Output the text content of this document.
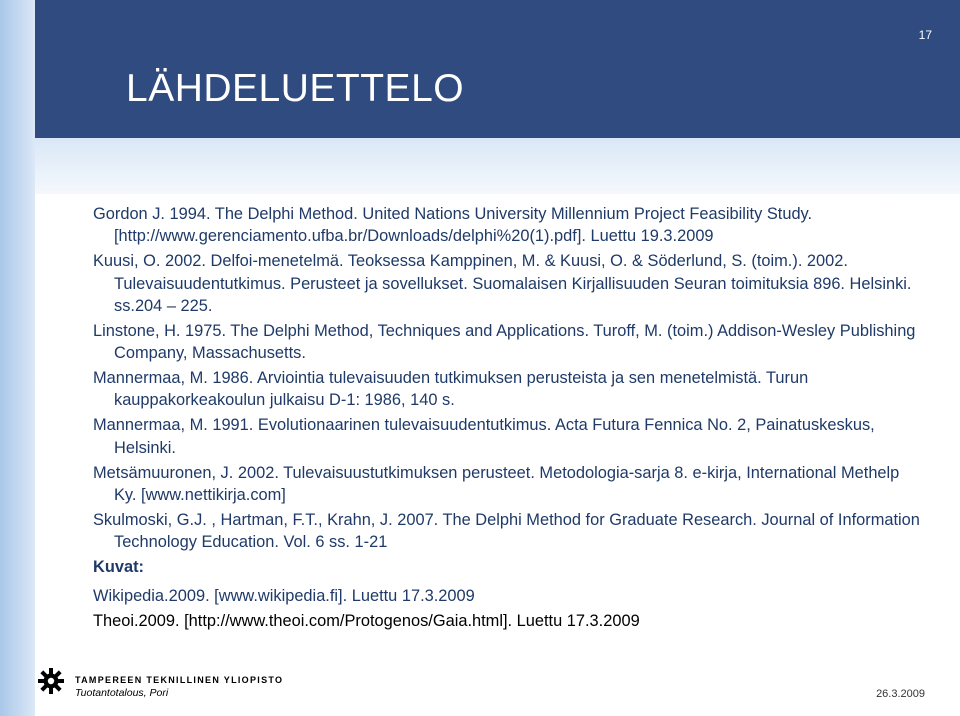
17
LÄHDELUETTELO
Gordon J. 1994. The Delphi Method. United Nations University Millennium Project Feasibility Study. [http://www.gerenciamento.ufba.br/Downloads/delphi%20(1).pdf]. Luettu 19.3.2009
Kuusi, O. 2002. Delfoi-menetelmä. Teoksessa Kamppinen, M. & Kuusi, O. & Söderlund, S. (toim.). 2002. Tulevaisuudentutkimus. Perusteet ja sovellukset. Suomalaisen Kirjallisuuden Seuran toimituksia 896. Helsinki. ss.204 – 225.
Linstone, H. 1975. The Delphi Method, Techniques and Applications. Turoff, M. (toim.) Addison-Wesley Publishing Company, Massachusetts.
Mannermaa, M. 1986. Arviointia tulevaisuuden tutkimuksen perusteista ja sen menetelmistä. Turun kauppakorkeakoulun julkaisu D-1: 1986, 140 s.
Mannermaa, M. 1991. Evolutionaarinen tulevaisuudentutkimus. Acta Futura Fennica No. 2, Painatuskeskus, Helsinki.
Metsämuuronen, J. 2002. Tulevaisuustutkimuksen perusteet. Metodologia-sarja 8. e-kirja, International Methelp Ky. [www.nettikirja.com]
Skulmoski, G.J. , Hartman, F.T., Krahn, J. 2007. The Delphi Method for Graduate Research. Journal of Information Technology Education. Vol. 6 ss. 1-21
Kuvat:
Wikipedia.2009. [www.wikipedia.fi]. Luettu 17.3.2009
Theoi.2009. [http://www.theoi.com/Protogenos/Gaia.html]. Luettu 17.3.2009
TAMPEREEN TEKNILLINEN YLIOPISTO
Tuotantotalous, Pori	26.3.2009
